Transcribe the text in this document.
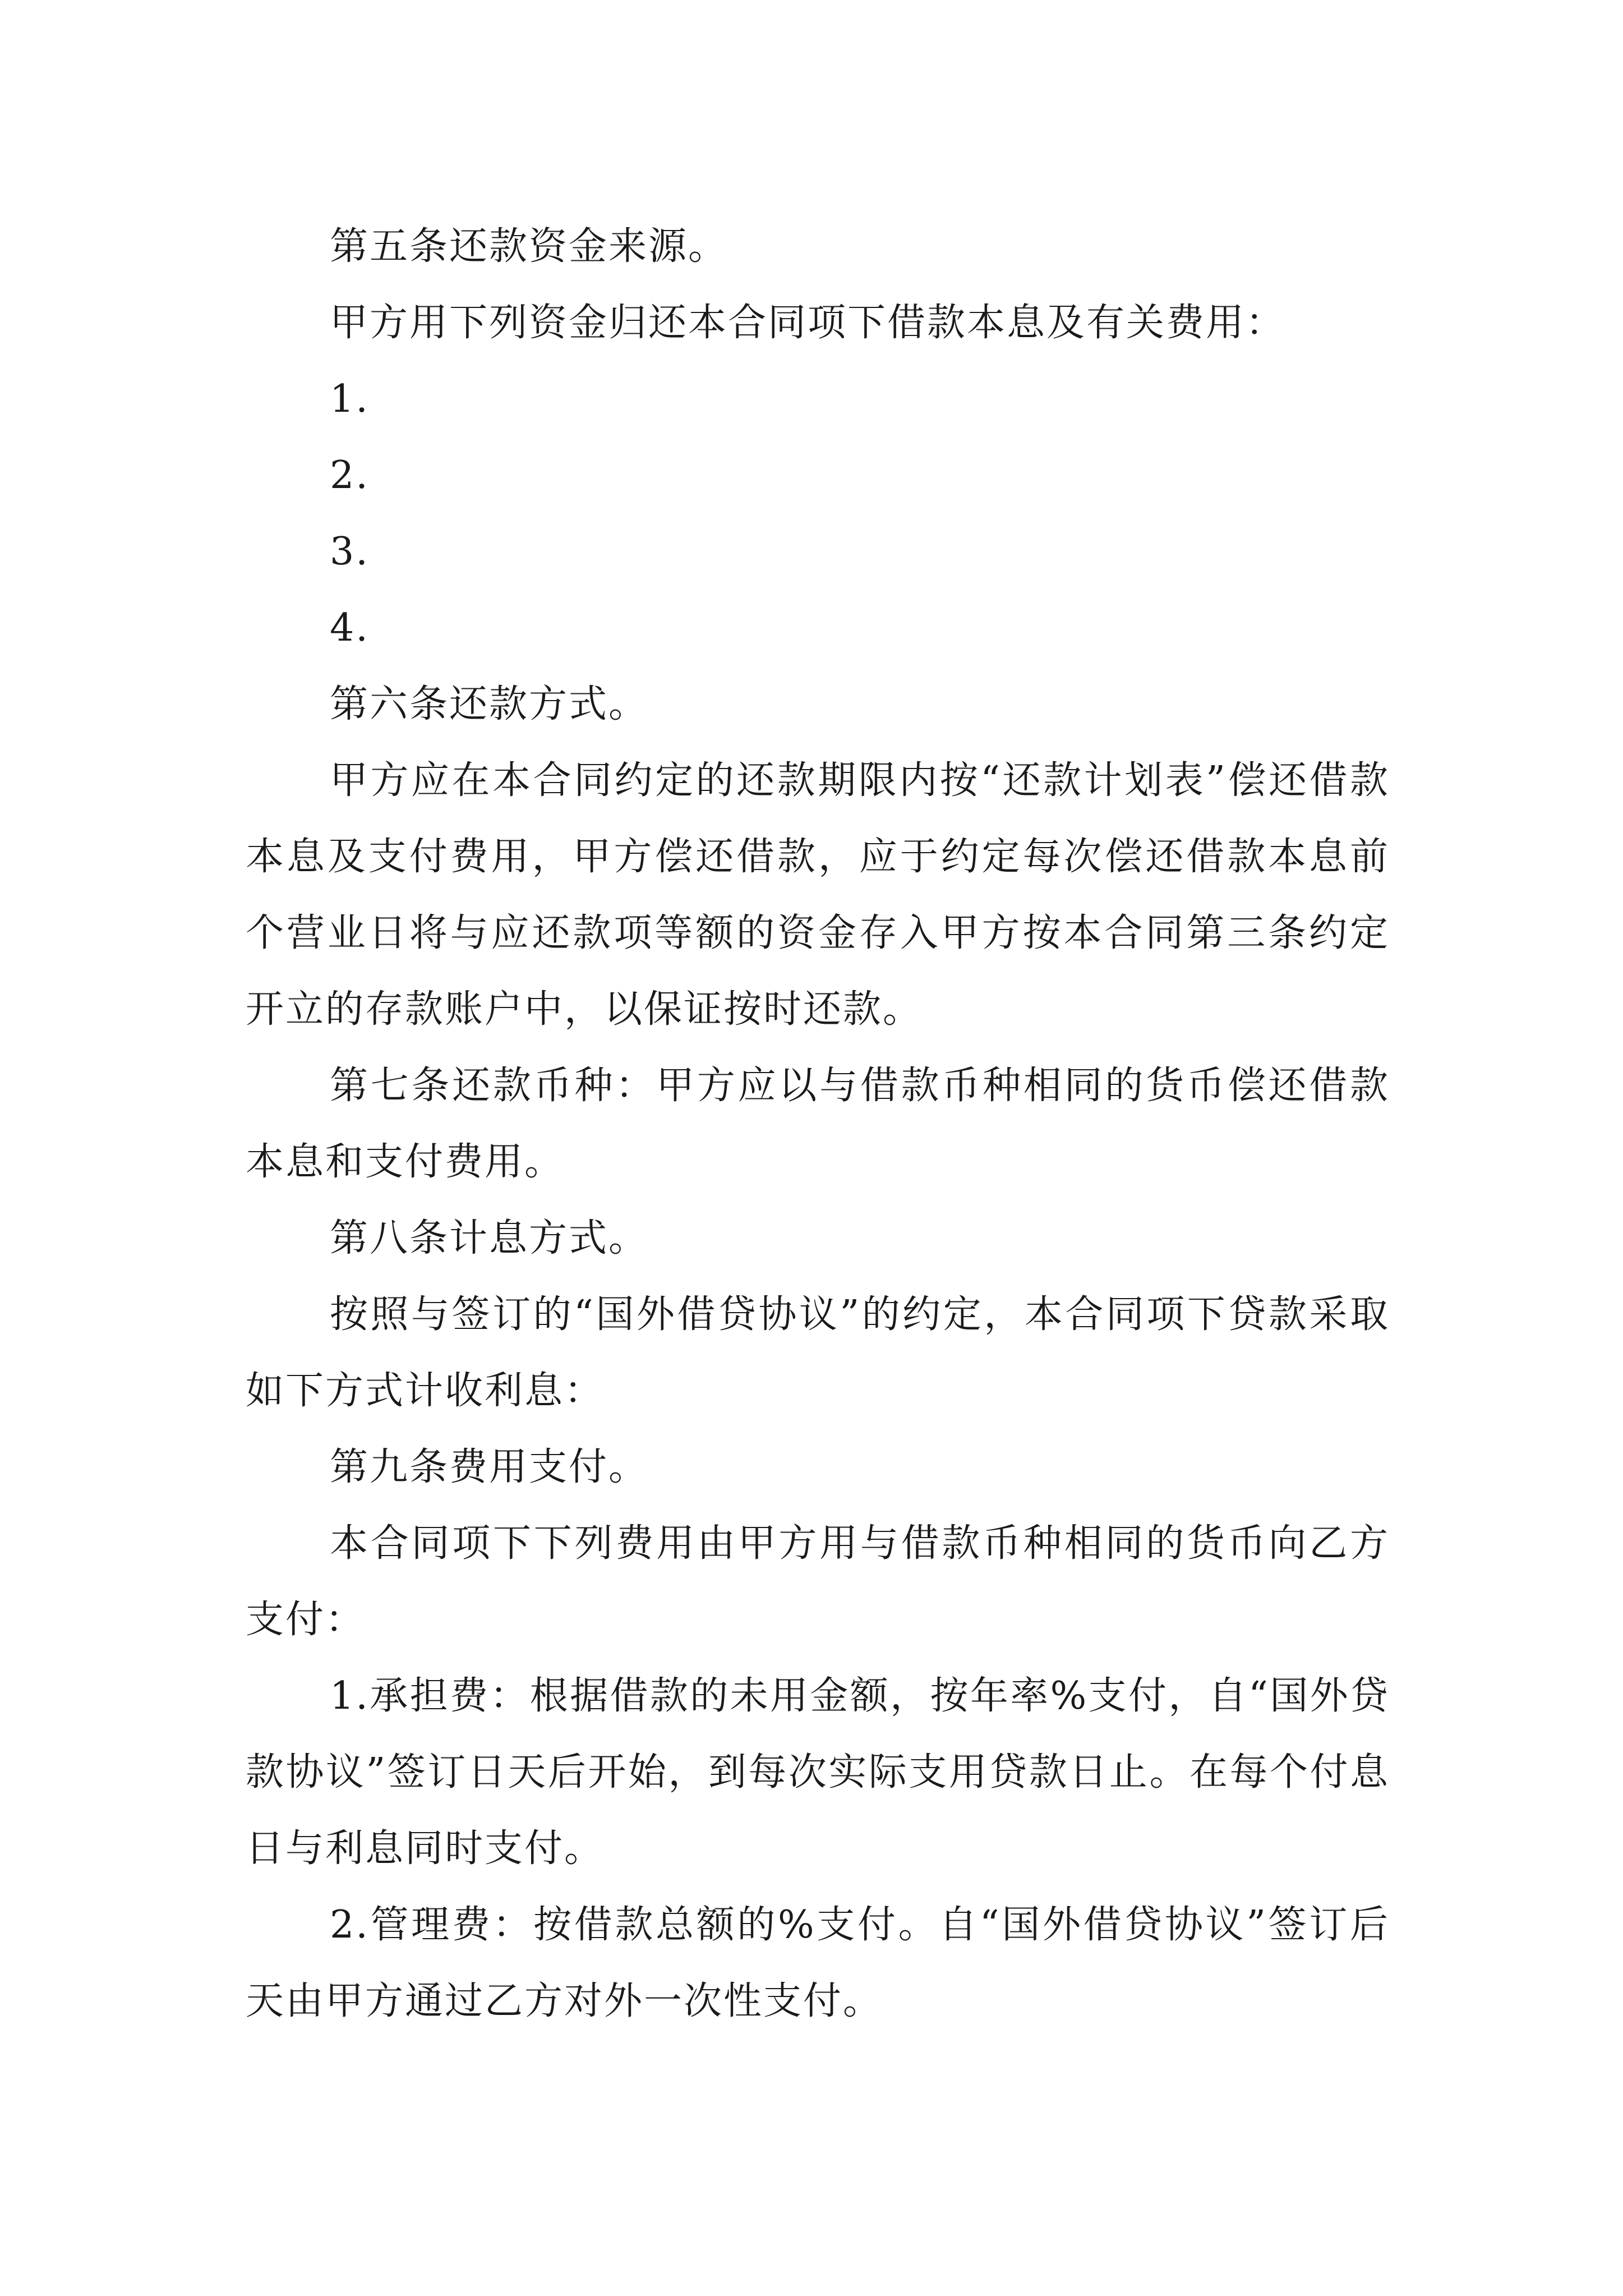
第五条还款资金来源。

甲方用下列资金归还本合同项下借款本息及有关费用：

1.

2.

3.

4.

第六条还款方式。

甲方应在本合同约定的还款期限内按“还款计划表”偿还借款本息及支付费用，甲方偿还借款，应于约定每次偿还借款本息前个营业日将与应还款项等额的资金存入甲方按本合同第三条约定开立的存款账户中，以保证按时还款。

第七条还款币种：甲方应以与借款币种相同的货币偿还借款本息和支付费用。

第八条计息方式。

按照与签订的“国外借贷协议”的约定，本合同项下贷款采取如下方式计收利息：

第九条费用支付。

本合同项下下列费用由甲方用与借款币种相同的货币向乙方支付：

1.承担费：根据借款的未用金额，按年率%支付，自“国外贷款协议”签订日天后开始，到每次实际支用贷款日止。在每个付息日与利息同时支付。

2.管理费：按借款总额的%支付。自“国外借贷协议”签订后天由甲方通过乙方对外一次性支付。
